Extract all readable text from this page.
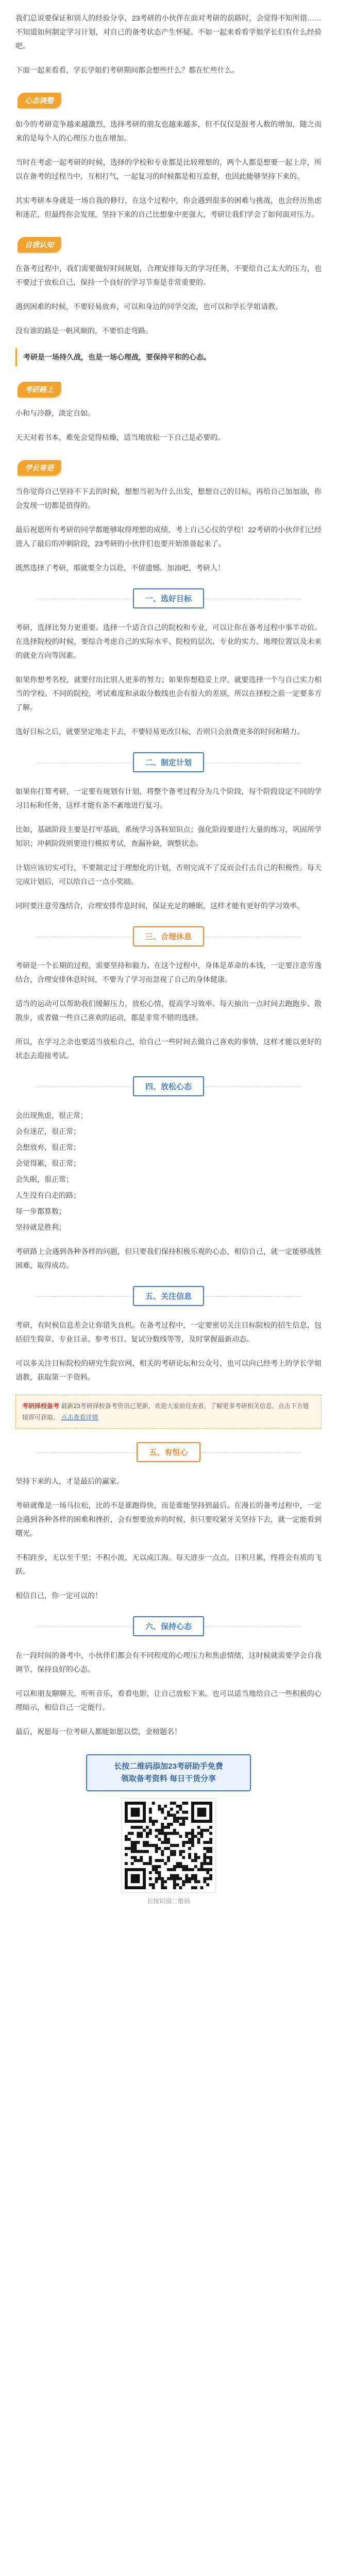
我们总说要保证和别人的经验分享，23考研的小伙伴在面对考研的前路时，会觉得不知所措……不知道如何制定学习计划，对自己的备考状态产生怀疑。不如一起来看看学姐学长们有什么经验吧。

下面一起来看看，学长学姐们考研期间都会想些什么？都在忙些什么。

心态调整

如今的考研竞争越来越激烈，选择考研的朋友也越来越多，但不仅仅是报考人数的增加，随之而来的是每个人的心理压力也在增加。

当时在考虑一起考研的时候，选择的学校和专业都是比较理想的，两个人都是想要一起上岸，所以在备考的过程当中，互相打气，一起复习的时候都是相互监督，也因此能够坚持下来的。

其实考研本身就是一场自我的修行，在这个过程中，你会遇到很多的困难与挑战，也会经历焦虑和迷茫，但最终你会发现，坚持下来的自己比想象中更强大，考研让我们学会了如何面对压力。

自我认知

在备考过程中，我们需要做好时间规划，合理安排每天的学习任务，不要给自己太大的压力，也不要过于放松自己，保持一个良好的学习节奏是非常重要的。

遇到困难的时候，不要轻易放弃，可以和身边的同学交流，也可以和学长学姐请教。

没有谁的路是一帆风顺的，不要怕走弯路。

考研是一场持久战，也是一场心理战，要保持平和的心态。

考研路上

小和与冷静，淡定自如。

天天对着书本，难免会觉得枯燥，适当地放松一下自己是必要的。

学长寄语

当你觉得自己坚持不下去的时候，想想当初为什么出发，想想自己的目标，再给自己加加油，你会发现一切都是值得的。

最后祝愿所有考研的同学都能够取得理想的成绩，考上自己心仪的学校！22考研的小伙伴们已经进入了最后的冲刺阶段，23考研的小伙伴们也要开始准备起来了。

既然选择了考研，那就要全力以赴，不留遗憾。加油吧，考研人！

一、选好目标

考研，选择比努力更重要。选择一个适合自己的院校和专业，可以让你在备考过程中事半功倍。在选择院校的时候，要综合考虑自己的实际水平、院校的层次、专业的实力、地理位置以及未来的就业方向等因素。

如果你想考名校，就要付出比别人更多的努力；如果你想稳妥上岸，就要选择一个与自己实力相当的学校。不同的院校，考试难度和录取分数线也会有很大的差别，所以在择校之前一定要多方了解。

选好目标之后，就要坚定地走下去，不要轻易更改目标，否则只会浪费更多的时间和精力。

二、制定计划

如果你打算考研，一定要有规划有计划，将整个备考过程分为几个阶段，每个阶段设定不同的学习目标和任务，这样才能有条不紊地进行复习。

比如，基础阶段主要是打牢基础，系统学习各科知识点；强化阶段要进行大量的练习，巩固所学知识；冲刺阶段则要进行模拟考试，查漏补缺，调整状态。

计划应该切实可行，不要制定过于理想化的计划，否则完成不了反而会打击自己的积极性。每天完成计划后，可以给自己一点小奖励。

同时要注意劳逸结合，合理安排作息时间，保证充足的睡眠，这样才能有更好的学习效率。

三、合理休息

考研是一个长期的过程，需要坚持和毅力。在这个过程中，身体是革命的本钱，一定要注意劳逸结合，合理安排休息时间，不要为了学习而忽视了自己的身体健康。

适当的运动可以帮助我们缓解压力，放松心情，提高学习效率。每天抽出一点时间去跑跑步、散散步，或者做一些自己喜欢的运动，都是非常不错的选择。

所以，在学习之余也要适当放松自己，给自己一些时间去做自己喜欢的事情，这样才能以更好的状态去迎接考试。

四、放松心态

会出现焦虑，很正常；

会有迷茫，很正常；

会想放弃，很正常；

会觉得累，很正常；

会失眠，很正常；

人生没有白走的路；

每一步都算数；

坚持就是胜利；

考研路上会遇到各种各样的问题，但只要我们保持积极乐观的心态，相信自己，就一定能够战胜困难，取得成功。

五、关注信息

考研，有时候信息差会让你错失良机。在备考过程中，一定要密切关注目标院校的招生信息，包括招生简章、专业目录、参考书目、复试分数线等等，及时掌握最新动态。

可以多关注目标院校的研究生院官网、相关的考研论坛和公众号，也可以向已经考上的学长学姐请教，获取第一手资料。

考研择校备考 最新23考研择校备考资讯已更新，欢迎大家前往查看，了解更多考研相关信息，点击下方链接即可获取。 点击查看详情
五、有恒心

坚持下来的人，才是最后的赢家。

考研就像是一场马拉松，比的不是谁跑得快，而是谁能坚持到最后。在漫长的备考过程中，一定会遇到各种各样的困难和挫折，会有想要放弃的时候，但只要咬紧牙关坚持下去，就一定能看到曙光。

不积跬步，无以至千里；不积小流，无以成江海。每天进步一点点，日积月累，终将会有质的飞跃。

相信自己，你一定可以的！

六、保持心态

在一段时间的备考中，小伙伴们都会有不同程度的心理压力和焦虑情绪，这时候就需要学会自我调节，保持良好的心态。

可以和朋友聊聊天，听听音乐，看看电影，让自己放松下来。也可以适当地给自己一些积极的心理暗示，相信自己一定能行。

最后，祝愿每一位考研人都能如愿以偿，金榜题名！

长按二维码添加23考研助手免费
领取备考资料 每日干货分享
长按识别二维码
